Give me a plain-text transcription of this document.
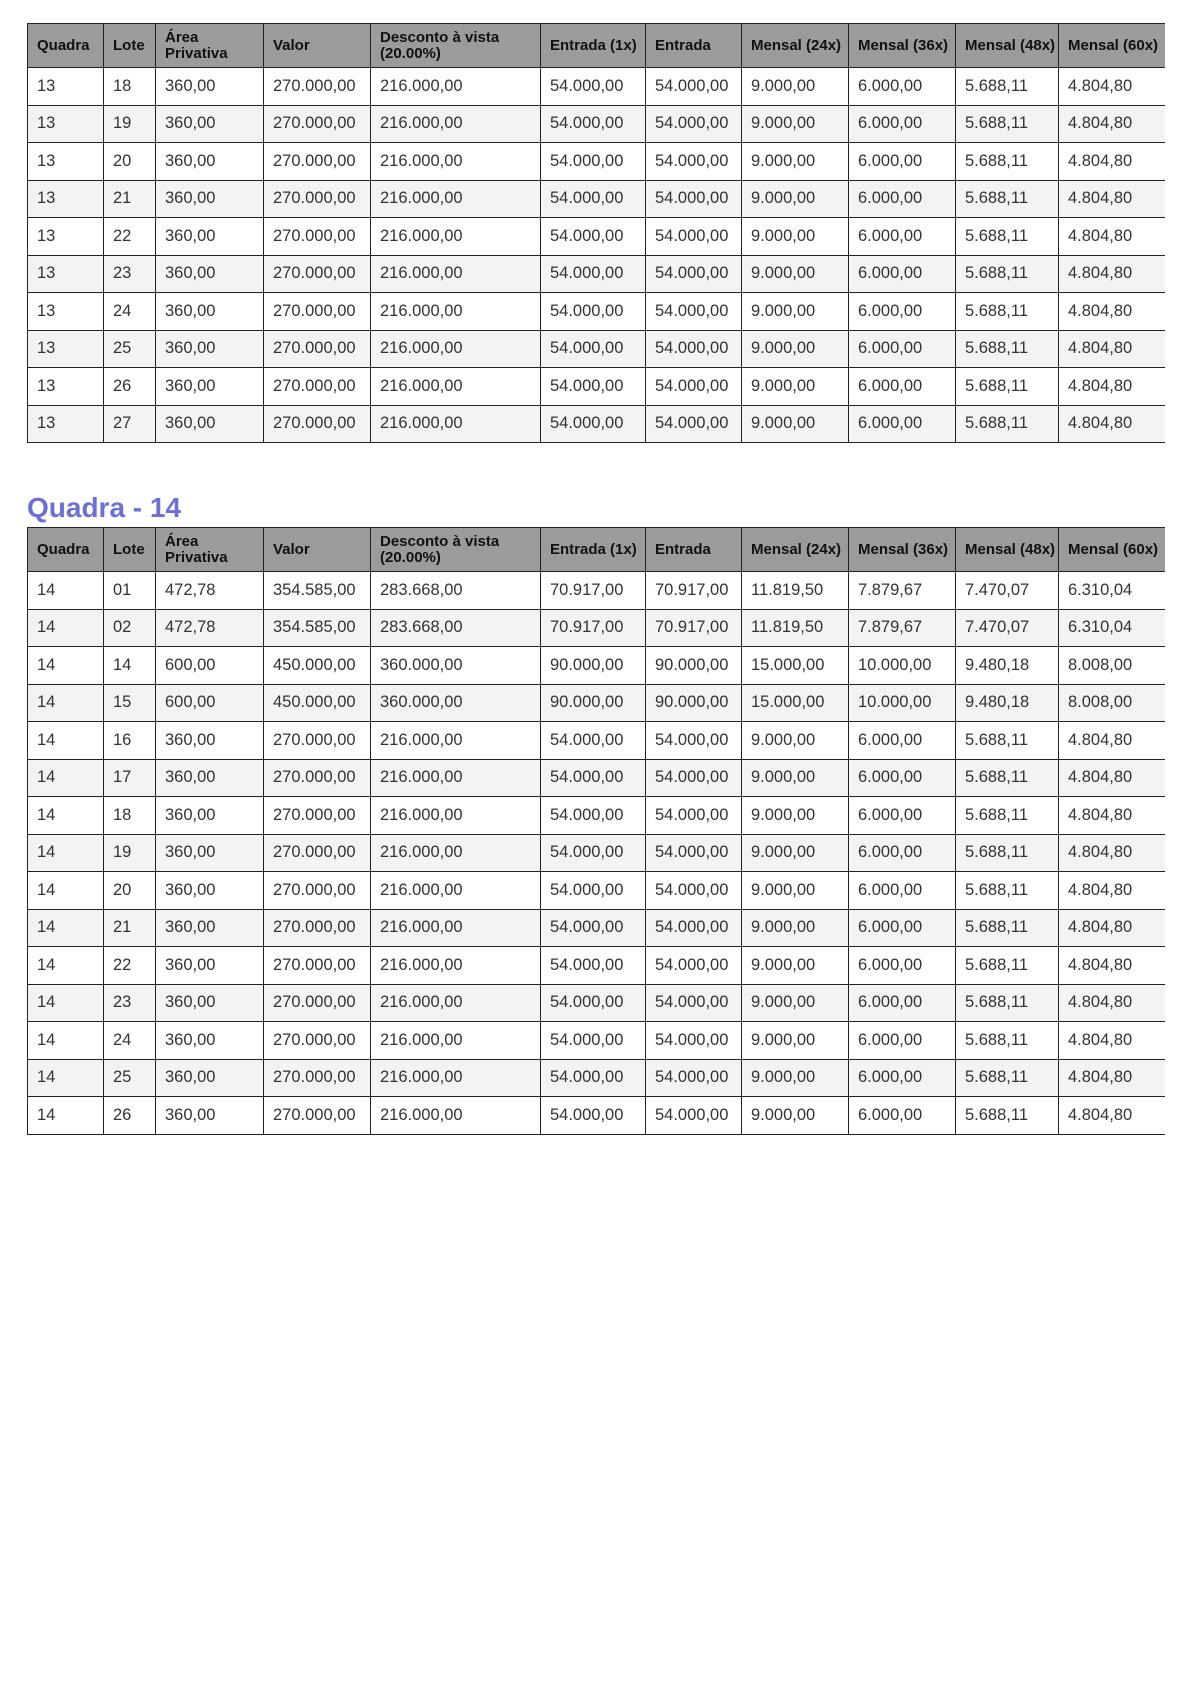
Quadra	Lote	Área Privativa	Valor	Desconto à vista (20.00%)	Entrada (1x)	Entrada	Mensal (24x)	Mensal (36x)	Mensal (48x)	Mensal (60x)
13	18	360,00	270.000,00	216.000,00	54.000,00	54.000,00	9.000,00	6.000,00	5.688,11	4.804,80
13	19	360,00	270.000,00	216.000,00	54.000,00	54.000,00	9.000,00	6.000,00	5.688,11	4.804,80
13	20	360,00	270.000,00	216.000,00	54.000,00	54.000,00	9.000,00	6.000,00	5.688,11	4.804,80
13	21	360,00	270.000,00	216.000,00	54.000,00	54.000,00	9.000,00	6.000,00	5.688,11	4.804,80
13	22	360,00	270.000,00	216.000,00	54.000,00	54.000,00	9.000,00	6.000,00	5.688,11	4.804,80
13	23	360,00	270.000,00	216.000,00	54.000,00	54.000,00	9.000,00	6.000,00	5.688,11	4.804,80
13	24	360,00	270.000,00	216.000,00	54.000,00	54.000,00	9.000,00	6.000,00	5.688,11	4.804,80
13	25	360,00	270.000,00	216.000,00	54.000,00	54.000,00	9.000,00	6.000,00	5.688,11	4.804,80
13	26	360,00	270.000,00	216.000,00	54.000,00	54.000,00	9.000,00	6.000,00	5.688,11	4.804,80
13	27	360,00	270.000,00	216.000,00	54.000,00	54.000,00	9.000,00	6.000,00	5.688,11	4.804,80
Quadra - 14
Quadra	Lote	Área Privativa	Valor	Desconto à vista (20.00%)	Entrada (1x)	Entrada	Mensal (24x)	Mensal (36x)	Mensal (48x)	Mensal (60x)
14	01	472,78	354.585,00	283.668,00	70.917,00	70.917,00	11.819,50	7.879,67	7.470,07	6.310,04
14	02	472,78	354.585,00	283.668,00	70.917,00	70.917,00	11.819,50	7.879,67	7.470,07	6.310,04
14	14	600,00	450.000,00	360.000,00	90.000,00	90.000,00	15.000,00	10.000,00	9.480,18	8.008,00
14	15	600,00	450.000,00	360.000,00	90.000,00	90.000,00	15.000,00	10.000,00	9.480,18	8.008,00
14	16	360,00	270.000,00	216.000,00	54.000,00	54.000,00	9.000,00	6.000,00	5.688,11	4.804,80
14	17	360,00	270.000,00	216.000,00	54.000,00	54.000,00	9.000,00	6.000,00	5.688,11	4.804,80
14	18	360,00	270.000,00	216.000,00	54.000,00	54.000,00	9.000,00	6.000,00	5.688,11	4.804,80
14	19	360,00	270.000,00	216.000,00	54.000,00	54.000,00	9.000,00	6.000,00	5.688,11	4.804,80
14	20	360,00	270.000,00	216.000,00	54.000,00	54.000,00	9.000,00	6.000,00	5.688,11	4.804,80
14	21	360,00	270.000,00	216.000,00	54.000,00	54.000,00	9.000,00	6.000,00	5.688,11	4.804,80
14	22	360,00	270.000,00	216.000,00	54.000,00	54.000,00	9.000,00	6.000,00	5.688,11	4.804,80
14	23	360,00	270.000,00	216.000,00	54.000,00	54.000,00	9.000,00	6.000,00	5.688,11	4.804,80
14	24	360,00	270.000,00	216.000,00	54.000,00	54.000,00	9.000,00	6.000,00	5.688,11	4.804,80
14	25	360,00	270.000,00	216.000,00	54.000,00	54.000,00	9.000,00	6.000,00	5.688,11	4.804,80
14	26	360,00	270.000,00	216.000,00	54.000,00	54.000,00	9.000,00	6.000,00	5.688,11	4.804,80
